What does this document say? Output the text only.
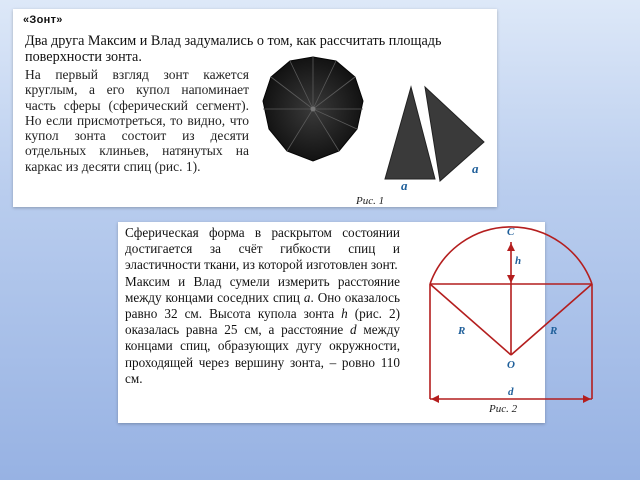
«Зонт»

Два друга Максим и Влад задумались о том, как рассчитать площадь поверхности зонта.

На первый взгляд зонт кажется круглым, а его купол напоминает часть сферы (сферический сегмент). Но если присмотреться, то видно, что купол зонта состоит из десяти отдельных клиньев, натянутых на каркас из десяти спиц (рис. 1).	a
a
Рис. 1
Сферическая форма в раскрытом состоянии достигается за счёт гибкости спиц и эластичности ткани, из которой изготовлен зонт.
Максим и Влад сумели измерить расстояние между концами соседних спиц a. Оно оказалось равно 32 см. Высота купола зонта h (рис. 2) оказалась равна 25 см, а расстояние d между концами спиц, образующих дугу окружности, проходящей через вершину зонта, – ровно 110 см.
C
h
R	R
O
d
Рис. 2
